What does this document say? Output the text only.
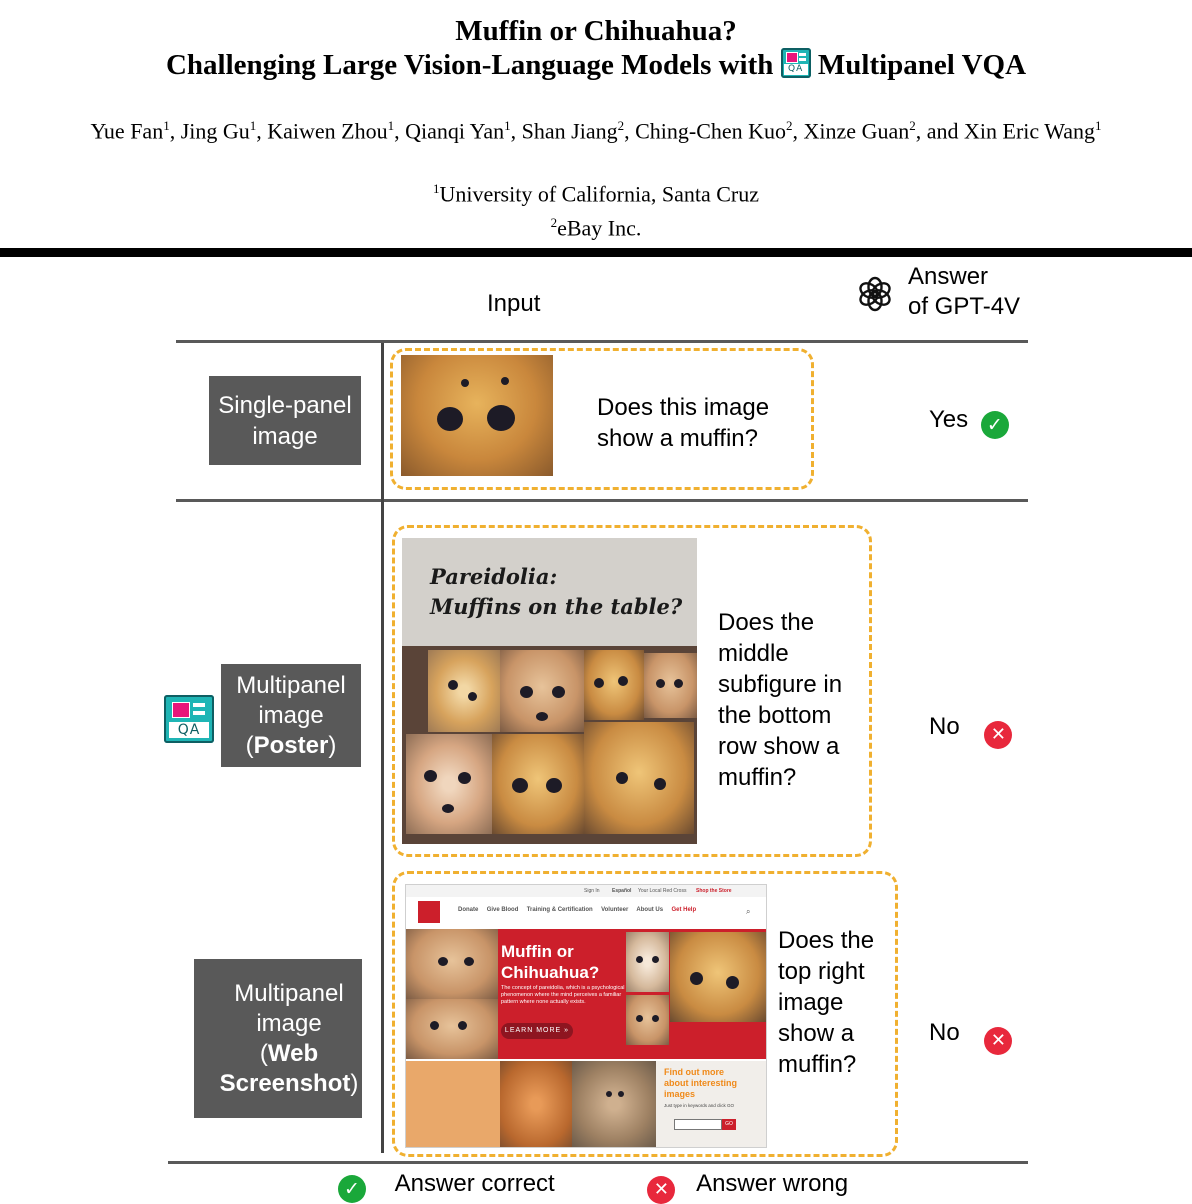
Muffin or Chihuahua?
Challenging Large Vision-Language Models with	QA Multipanel VQA
Yue Fan$^1$, Jing Gu$^1$, Kaiwen Zhou$^1$, Qianqi Yan$^1$, Shan Jiang$^2$, Ching-Chen Kuo$^2$, Xinze Guan$^2$, and Xin Eric Wang$^1$
$^1$University of California, Santa Cruz
$^2$eBay Inc.
Input
Answer
of GPT-4V
Single-panel
image
Does this image show a muffin?
Yes ✓
QA

Multipanel
image
(Poster)
Pareidolia:
Muffins on the table?
Does the middle subfigure in the bottom row show a muffin?
No ✕
Multipanel
image
(Web
Screenshot)
Sign In Español Your Local Red Cross Shop the Store
Donate Give Blood Training & Certification Volunteer About Us Get Help	⌕
Muffin or
Chihuahua?
The concept of pareidolia, which is a psychological phenomenon where the mind perceives a familiar pattern where none actually exists.
LEARN MORE »
Find out more
about interesting
images
Just type in keywords and click GO
GO
Does the top right image show a muffin?
No ✕
✓ Answer correct	✕ Answer wrong
